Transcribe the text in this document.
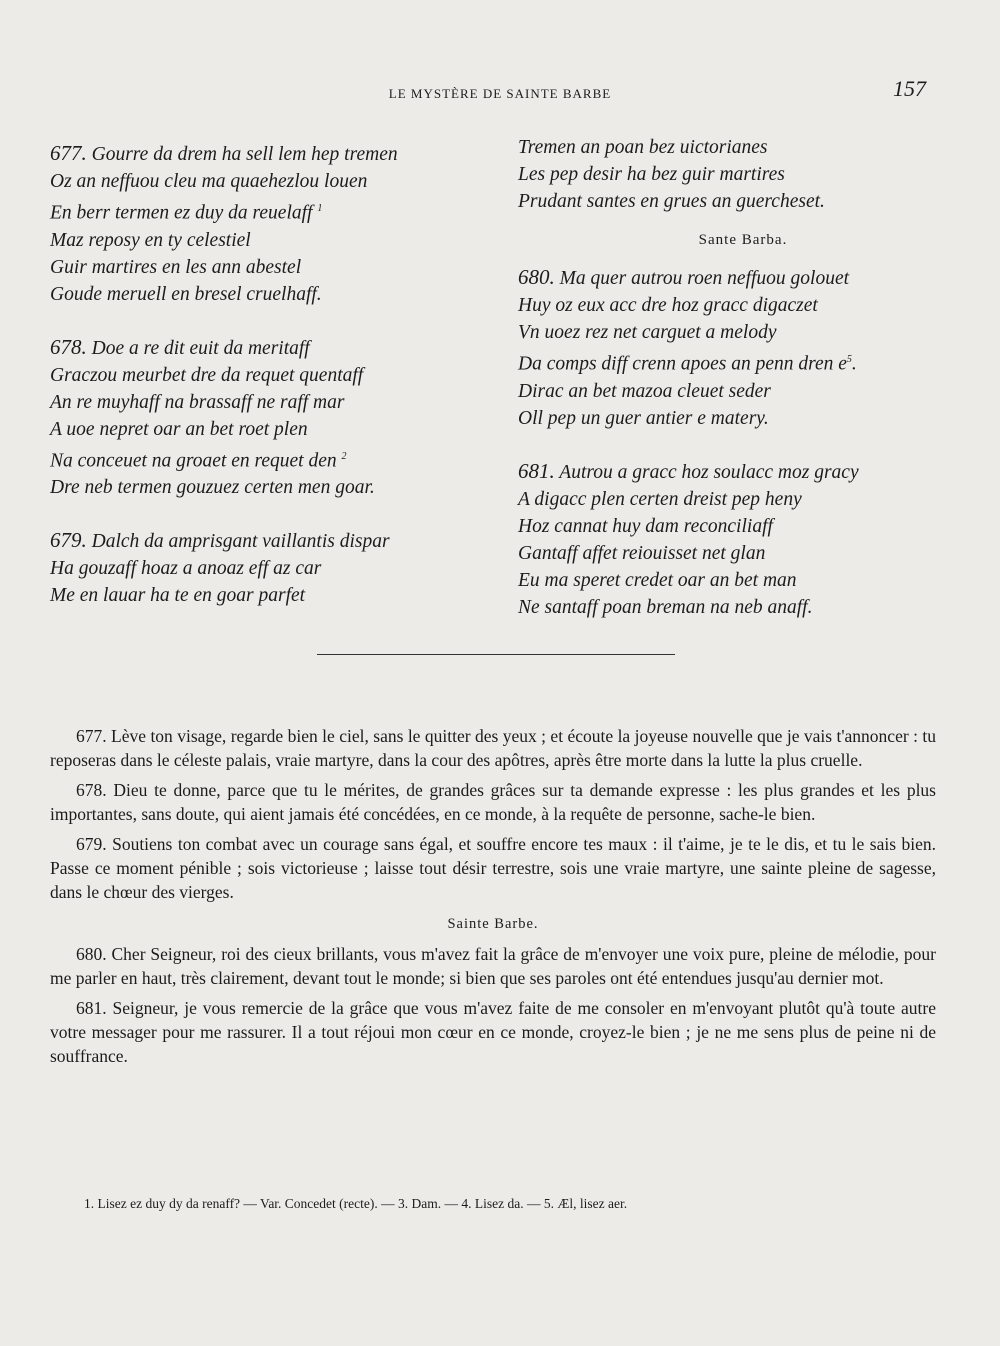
LE MYSTÈRE DE SAINTE BARBE	157
677. Gourre da drem ha sell lem hep tremen
Oz an neffuou cleu ma quaehezlou louen
En berr termen ez duy da reuelaff $^1$
Maz reposy en ty celestiel
Guir martires en les ann abestel
Goude meruell en bresel cruelhaff.
678. Doe a re dit euit da meritaff
Graczou meurbet dre da requet quentaff
An re muyhaff na brassaff ne raff mar
A uoe nepret oar an bet roet plen
Na conceuet na groaet en requet den $^2$
Dre neb termen gouzuez certen men goar.
679. Dalch da amprisgant vaillantis dispar
Ha gouzaff hoaz a anoaz eff az car
Me en lauar ha te en goar parfet
Tremen an poan bez uictorianes
Les pep desir ha bez guir martires
Prudant santes en grues an guercheset.
Sante Barba.
680. Ma quer autrou roen neffuou golouet
Huy oz eux acc dre hoz gracc digaczet
Vn uoez rez net carguet a melody
Da comps diff crenn apoes an penn dren $e^5$.
Dirac an bet mazoa cleuet seder
Oll pep un guer antier e matery.
681. Autrou a gracc hoz soulacc moz gracy
A digacc plen certen dreist pep heny
Hoz cannat huy dam reconciliaff
Gantaff affet reiouisset net glan
Eu ma speret credet oar an bet man
Ne santaff poan breman na neb anaff.

677. Lève ton visage, regarde bien le ciel, sans le quitter des yeux ; et écoute la joyeuse nouvelle que je vais t'annoncer : tu reposeras dans le céleste palais, vraie martyre, dans la cour des apôtres, après être morte dans la lutte la plus cruelle.

678. Dieu te donne, parce que tu le mérites, de grandes grâces sur ta demande expresse : les plus grandes et les plus importantes, sans doute, qui aient jamais été concédées, en ce monde, à la requête de personne, sache-le bien.

679. Soutiens ton combat avec un courage sans égal, et souffre encore tes maux : il t'aime, je te le dis, et tu le sais bien. Passe ce moment pénible ; sois victorieuse ; laisse tout désir terrestre, sois une vraie martyre, une sainte pleine de sagesse, dans le chœur des vierges.

Sainte Barbe.

680. Cher Seigneur, roi des cieux brillants, vous m'avez fait la grâce de m'envoyer une voix pure, pleine de mélodie, pour me parler en haut, très clairement, devant tout le monde; si bien que ses paroles ont été entendues jusqu'au dernier mot.

681. Seigneur, je vous remercie de la grâce que vous m'avez faite de me consoler en m'envoyant plutôt qu'à toute autre votre messager pour me rassurer. Il a tout réjoui mon cœur en ce monde, croyez-le bien ; je ne me sens plus de peine ni de souffrance.

1. Lisez ez duy dy da renaff? — Var. Concedet (recte). — 3. Dam. — 4. Lisez da. — 5. Æl, lisez aer.
